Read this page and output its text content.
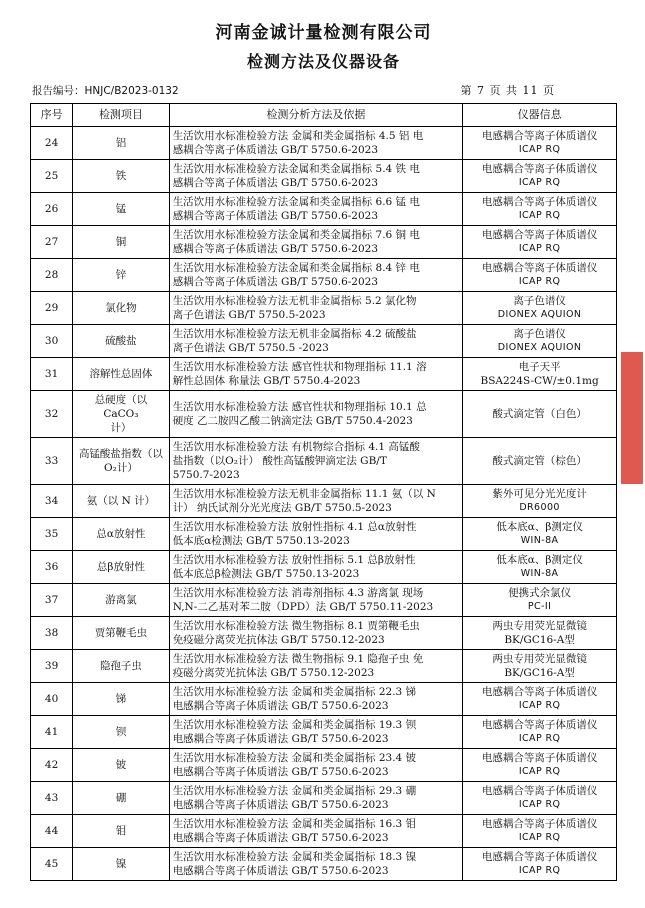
河南金诚计量检测有限公司
检测方法及仪器设备
报告编号：HNJC/B2023-0132	第 7 页 共 11 页
序号	检测项目	检测分析方法及依据	仪器信息
24	铝	生活饮用水标准检验方法 金属和类金属指标 4.5 铝 电
感耦合等离子体质谱法 GB/T 5750.6-2023	电感耦合等离子体质谱仪
ICAP RQ

25	铁	生活饮用水标准检验方法金属和类金属指标 5.4 铁 电
感耦合等离子体质谱法 GB/T 5750.6-2023	电感耦合等离子体质谱仪
ICAP RQ

26	锰	生活饮用水标准检验方法金属和类金属指标 6.6 锰 电
感耦合等离子体质谱法 GB/T 5750.6-2023	电感耦合等离子体质谱仪
ICAP RQ

27	铜	生活饮用水标准检验方法金属和类金属指标 7.6 铜 电
感耦合等离子体质谱法 GB/T 5750.6-2023	电感耦合等离子体质谱仪
ICAP RQ

28	锌	生活饮用水标准检验方法金属和类金属指标 8.4 锌 电
感耦合等离子体质谱法 GB/T 5750.6-2023	电感耦合等离子体质谱仪
ICAP RQ

29	氯化物	生活饮用水标准检验方法无机非金属指标 5.2 氯化物
离子色谱法 GB/T 5750.5-2023	离子色谱仪
DIONEX AQUION

30	硫酸盐	生活饮用水标准检验方法无机非金属指标 4.2 硫酸盐
离子色谱法 GB/T 5750.5 -2023	离子色谱仪
DIONEX AQUION

31	溶解性总固体	生活饮用水标准检验方法 感官性状和物理指标 11.1 溶
解性总固体 称量法 GB/T 5750.4-2023	电子天平
BSA224S-CW/±0.1mg

32	总硬度（以 CaCO₃
计）	生活饮用水标准检验方法 感官性状和物理指标 10.1 总
硬度 乙二胺四乙酸二钠滴定法 GB/T 5750.4-2023	酸式滴定管（白色）

33	高锰酸盐指数（以
O₂计）	生活饮用水标准检验方法 有机物综合指标 4.1 高锰酸
盐指数（以O₂计） 酸性高锰酸钾滴定法 GB/T
5750.7-2023	酸式滴定管（棕色）

34	氨（以 N 计）	生活饮用水标准检验方法无机非金属指标 11.1 氨（以 N
计） 纳氏试剂分光光度法 GB/T 5750.5-2023	紫外可见分光光度计
DR6000

35	总α放射性	生活饮用水标准检验方法 放射性指标 4.1 总α放射性
低本底α检测法 GB/T 5750.13-2023	低本底α、β测定仪
WIN-8A

36	总β放射性	生活饮用水标准检验方法 放射性指标 5.1 总β放射性
低本底总β检测法 GB/T 5750.13-2023	低本底α、β测定仪
WIN-8A

37	游离氯	生活饮用水标准检验方法 消毒剂指标 4.3 游离氯 现场
N,N-二乙基对苯二胺（DPD）法 GB/T 5750.11-2023	便携式余氯仪
PC-II

38	贾第鞭毛虫	生活饮用水标准检验方法 微生物指标 8.1 贾第鞭毛虫
免疫磁分离荧光抗体法 GB/T 5750.12-2023	两虫专用荧光显微镜
BK/GC16-A型

39	隐孢子虫	生活饮用水标准检验方法 微生物指标 9.1 隐孢子虫 免
疫磁分离荧光抗体法 GB/T 5750.12-2023	两虫专用荧光显微镜
BK/GC16-A型

40	锑	生活饮用水标准检验方法 金属和类金属指标 22.3 锑
电感耦合等离子体质谱法 GB/T 5750.6-2023	电感耦合等离子体质谱仪
ICAP RQ

41	钡	生活饮用水标准检验方法 金属和类金属指标 19.3 钡
电感耦合等离子体质谱法 GB/T 5750.6-2023	电感耦合等离子体质谱仪
ICAP RQ

42	铍	生活饮用水标准检验方法 金属和类金属指标 23.4 铍
电感耦合等离子体质谱法 GB/T 5750.6-2023	电感耦合等离子体质谱仪
ICAP RQ

43	硼	生活饮用水标准检验方法 金属和类金属指标 29.3 硼
电感耦合等离子体质谱法 GB/T 5750.6-2023	电感耦合等离子体质谱仪
ICAP RQ

44	钼	生活饮用水标准检验方法 金属和类金属指标 16.3 钼
电感耦合等离子体质谱法 GB/T 5750.6-2023	电感耦合等离子体质谱仪
ICAP RQ

45	镍	生活饮用水标准检验方法 金属和类金属指标 18.3 镍
电感耦合等离子体质谱法 GB/T 5750.6-2023	电感耦合等离子体质谱仪
ICAP RQ
